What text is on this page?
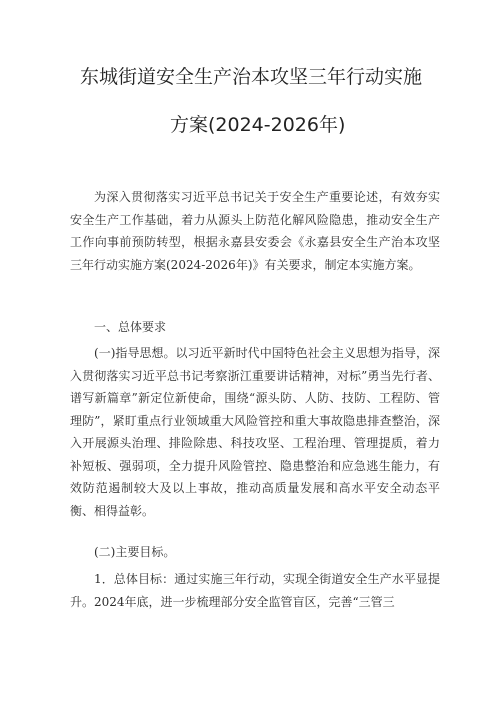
东城街道安全生产治本攻坚三年行动实施
方案(2024-2026年)

为深入贯彻落实习近平总书记关于安全生产重要论述，有效夯实安全生产工作基础，着力从源头上防范化解风险隐患，推动安全生产工作向事前预防转型，根据永嘉县安委会《永嘉县安全生产治本攻坚三年行动实施方案(2024-2026年)》有关要求，制定本实施方案。

一、总体要求

(一)指导思想。以习近平新时代中国特色社会主义思想为指导，深入贯彻落实习近平总书记考察浙江重要讲话精神，对标”勇当先行者、谱写新篇章”新定位新使命，围绕“源头防、人防、技防、工程防、管理防”，紧盯重点行业领域重大风险管控和重大事故隐患排查整治，深入开展源头治理、排险除患、科技攻坚、工程治理、管理提质，着力补短板、强弱项，全力提升风险管控、隐患整治和应急逃生能力，有效防范遏制较大及以上事故，推动高质量发展和高水平安全动态平衡、相得益彰。

(二)主要目标。

1．总体目标：通过实施三年行动，实现全街道安全生产水平显提升。2024年底，进一步梳理部分安全监管盲区，完善“三管三
